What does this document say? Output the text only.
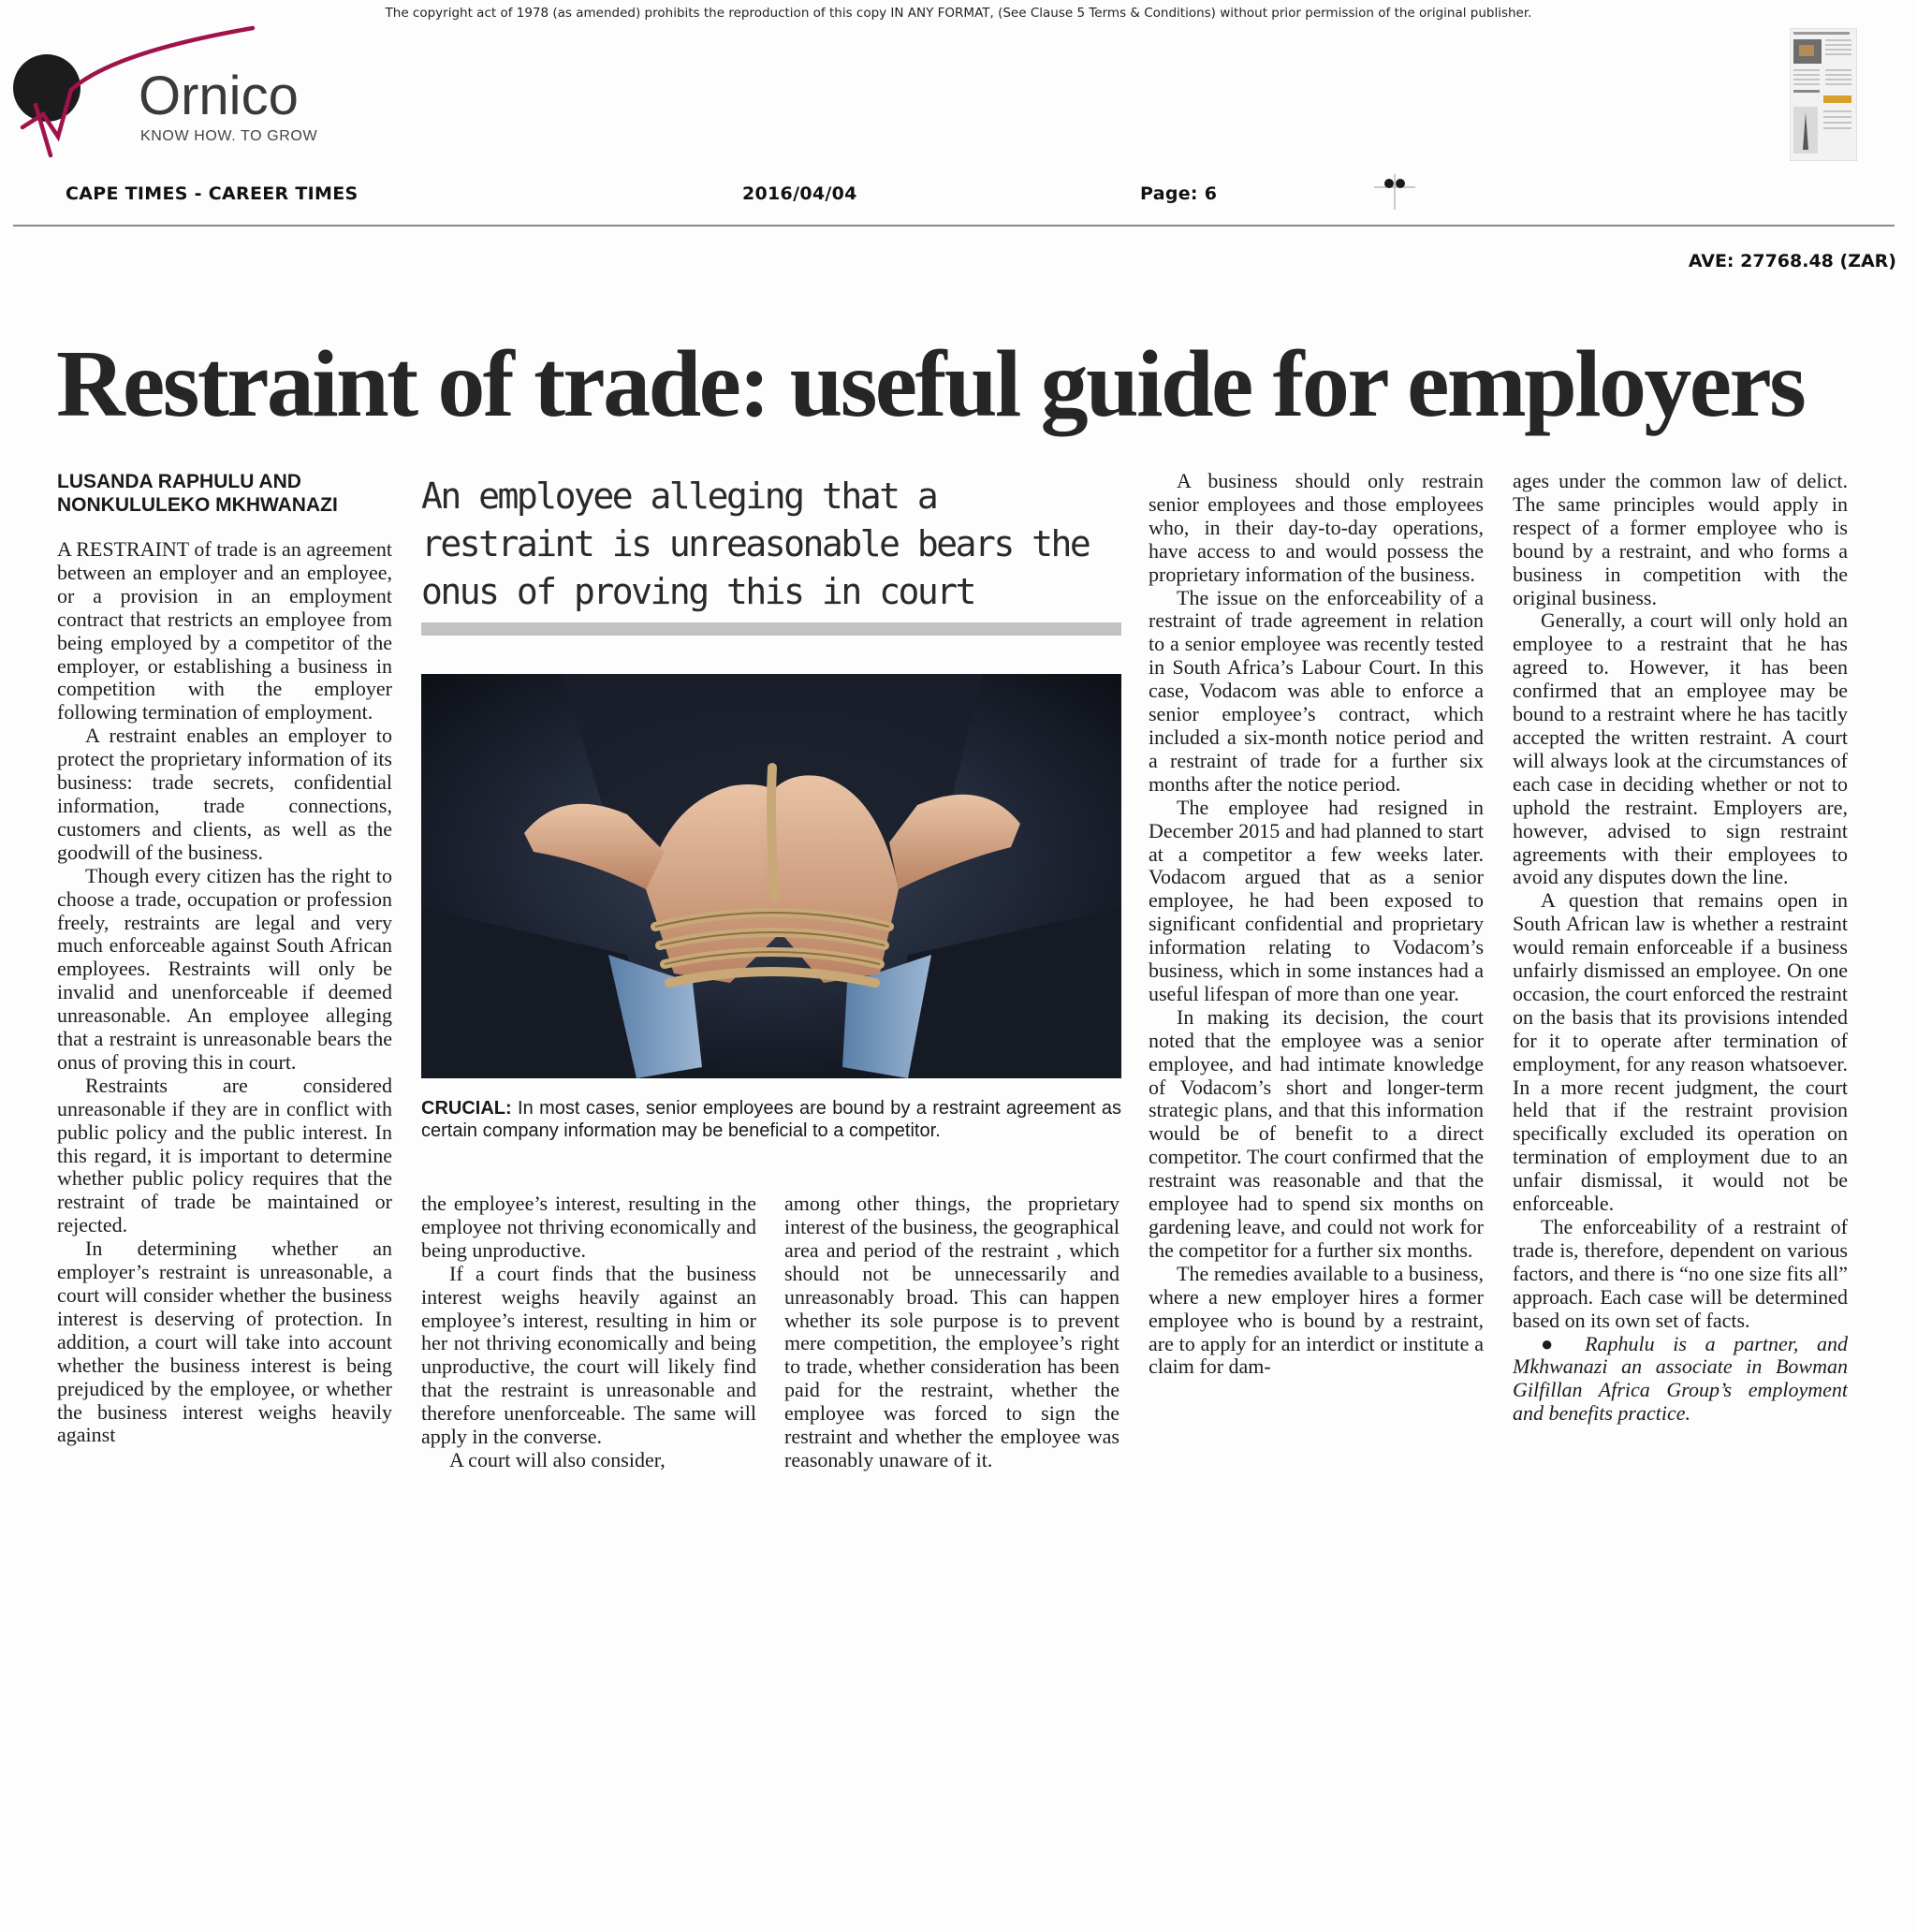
The copyright act of 1978 (as amended) prohibits the reproduction of this copy IN ANY FORMAT, (See Clause 5 Terms & Conditions) without prior permission of the original publisher.
Ornico
KNOW HOW. TO GROW
CAPE TIMES - CAREER TIMES	2016/04/04	Page: 6
AVE: 27768.48 (ZAR)
Restraint of trade: useful guide for employers
LUSANDA RAPHULU AND NONKULULEKO MKHWANAZI

A RESTRAINT of trade is an agreement between an employer and an employee, or a provision in an employment contract that restricts an employee from being employed by a competitor of the employer, or establishing a business in competition with the employer following termination of employment.

A restraint enables an employer to protect the proprietary information of its business: trade secrets, confidential information, trade connections, customers and clients, as well as the goodwill of the business.

Though every citizen has the right to choose a trade, occupation or profession freely, restraints are legal and very much enforceable against South African employees. Restraints will only be invalid and unenforceable if deemed unreasonable. An employee alleging that a restraint is unreasonable bears the onus of proving this in court.

Restraints are considered unreasonable if they are in conflict with public policy and the public interest. In this regard, it is important to determine whether public policy requires that the restraint of trade be maintained or rejected.

In determining whether an employer’s restraint is unreasonable, a court will consider whether the business interest is deserving of protection. In addition, a court will take into account whether the business interest is being prejudiced by the employee, or whether the business interest weighs heavily against

An employee alleging that a restraint is unreasonable bears the onus of proving this in court
CRUCIAL: In most cases, senior employees are bound by a restraint agreement as certain company information may be beneficial to a competitor.

the employee’s interest, resulting in the employee not thriving economically and being unproductive.

If a court finds that the business interest weighs heavily against an employee’s interest, resulting in him or her not thriving economically and being unproductive, the court will likely find that the restraint is unreasonable and therefore unenforceable. The same will apply in the converse.

A court will also consider,

among other things, the proprietary interest of the business, the geographical area and period of the restraint , which should not be unnecessarily and unreasonably broad. This can happen whether its sole purpose is to prevent mere competition, the employee’s right to trade, whether consideration has been paid for the restraint, whether the employee was forced to sign the restraint and whether the employee was reasonably unaware of it.

A business should only restrain senior employees and those employees who, in their day-to-day operations, have access to and would possess the proprietary information of the business.

The issue on the enforceability of a restraint of trade agreement in relation to a senior employee was recently tested in South Africa’s Labour Court. In this case, Vodacom was able to enforce a senior employee’s contract, which included a six-month notice period and a restraint of trade for a further six months after the notice period.

The employee had resigned in December 2015 and had planned to start at a competitor a few weeks later. Vodacom argued that as a senior employee, he had been exposed to significant confidential and proprietary information relating to Vodacom’s business, which in some instances had a useful lifespan of more than one year.

In making its decision, the court noted that the employee was a senior employee, and had intimate knowledge of Vodacom’s short and longer-term strategic plans, and that this information would be of benefit to a direct competitor. The court confirmed that the restraint was reasonable and that the employee had to spend six months on gardening leave, and could not work for the competitor for a further six months.

The remedies available to a business, where a new employer hires a former employee who is bound by a restraint, are to apply for an interdict or institute a claim for dam-

ages under the common law of delict. The same principles would apply in respect of a former employee who is bound by a restraint, and who forms a business in competition with the original business.

Generally, a court will only hold an employee to a restraint that he has agreed to. However, it has been confirmed that an employee may be bound to a restraint where he has tacitly accepted the written restraint. A court will always look at the circumstances of each case in deciding whether or not to uphold the restraint. Employers are, however, advised to sign restraint agreements with their employees to avoid any disputes down the line.

A question that remains open in South African law is whether a restraint would remain enforceable if a business unfairly dismissed an employee. On one occasion, the court enforced the restraint on the basis that its provisions intended for it to operate after termination of employment, for any reason whatsoever. In a more recent judgment, the court held that if the restraint provision specifically excluded its operation on termination of employment due to an unfair dismissal, it would not be enforceable.

The enforceability of a restraint of trade is, therefore, dependent on various factors, and there is “no one size fits all” approach. Each case will be determined based on its own set of facts.

● Raphulu is a partner, and Mkhwanazi an associate in Bowman Gilfillan Africa Group’s employment and benefits practice.
